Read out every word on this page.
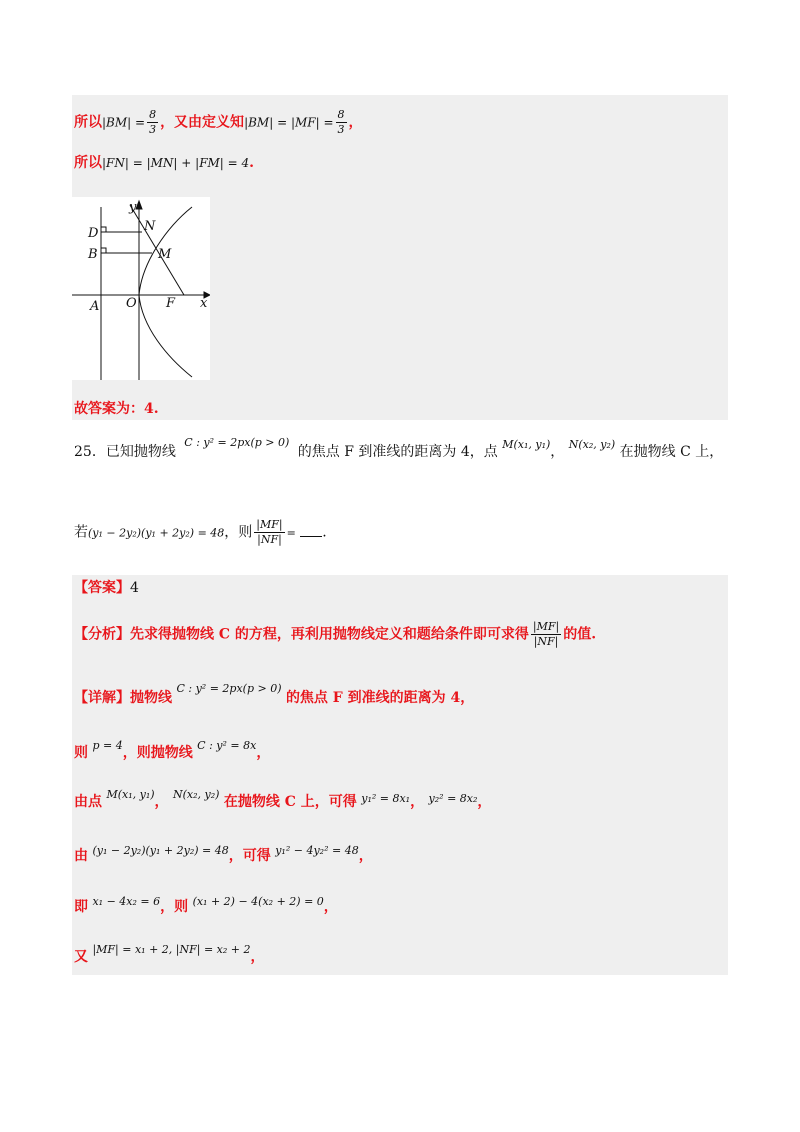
所以$|BM| = \frac{8}{3}$ ，又由定义知$|BM| = |MF| = \frac{8}{3}$ ，
所以|FN| = |MN| + |FM| = 4.
y
x
D
B
A O
N
M
F
故答案为：4.
25．已知抛物线 $^{C : y^2 = 2px(p > 0)}$ 的焦点 F 到准线的距离为 4，点 $^{M(x_1, y_1)}$， $^{N(x_2, y_2)}$ 在抛物线 C 上，
若(y₁ − 2y₂)(y₁ + 2y₂) = 48，则 $\frac{|MF|}{|NF|}$ = .
【答案】4
【分析】先求得抛物线 C 的方程，再利用抛物线定义和题给条件即可求得 $\frac{|MF|}{|NF|}$ 的值.
【详解】抛物线 $^{C : y^2 = 2px(p > 0)}$ 的焦点 F 到准线的距离为 4，
则 $^{p = 4}$，则抛物线 $^{C : y^2 = 8x}$，
由点 $^{M(x_1, y_1)}$， $^{N(x_2, y_2)}$ 在抛物线 C 上，可得 $^{y_1^2 = 8x_1}$， $^{y_2^2 = 8x_2}$，
由 $^{(y_1 - 2y_2)(y_1 + 2y_2) = 48}$，可得 $^{y_1^2 - 4y_2^2 = 48}$，
即 $^{x_1 - 4x_2 = 6}$，则 $^{(x_1 + 2) - 4(x_2 + 2) = 0}$，
又 $^{|MF| = x_1 + 2, |NF| = x_2 + 2}$，
